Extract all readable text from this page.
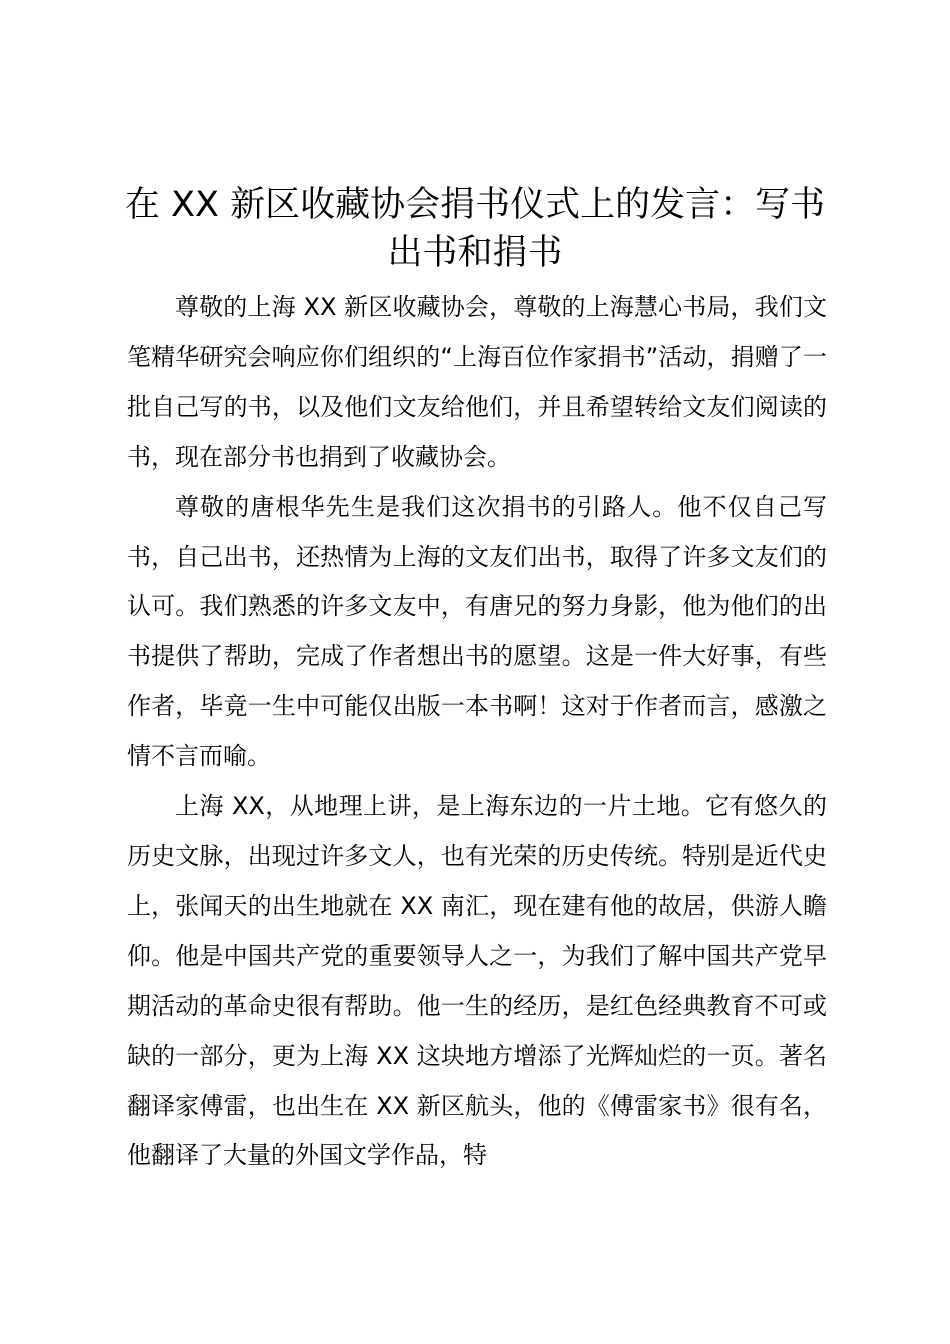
在 XX 新区收藏协会捐书仪式上的发言：写书出书和捐书

尊敬的上海 XX 新区收藏协会，尊敬的上海慧心书局，我们文笔精华研究会响应你们组织的“上海百位作家捐书”活动，捐赠了一批自己写的书，以及他们文友给他们，并且希望转给文友们阅读的书，现在部分书也捐到了收藏协会。

尊敬的唐根华先生是我们这次捐书的引路人。他不仅自己写书，自己出书，还热情为上海的文友们出书，取得了许多文友们的认可。我们熟悉的许多文友中，有唐兄的努力身影，他为他们的出书提供了帮助，完成了作者想出书的愿望。这是一件大好事，有些作者，毕竟一生中可能仅出版一本书啊！这对于作者而言，感激之情不言而喻。

上海 XX，从地理上讲，是上海东边的一片土地。它有悠久的历史文脉，出现过许多文人，也有光荣的历史传统。特别是近代史上，张闻天的出生地就在 XX 南汇，现在建有他的故居，供游人瞻仰。他是中国共产党的重要领导人之一，为我们了解中国共产党早期活动的革命史很有帮助。他一生的经历，是红色经典教育不可或缺的一部分，更为上海 XX 这块地方增添了光辉灿烂的一页。著名翻译家傅雷，也出生在 XX 新区航头，他的《傅雷家书》很有名，他翻译了大量的外国文学作品，特
